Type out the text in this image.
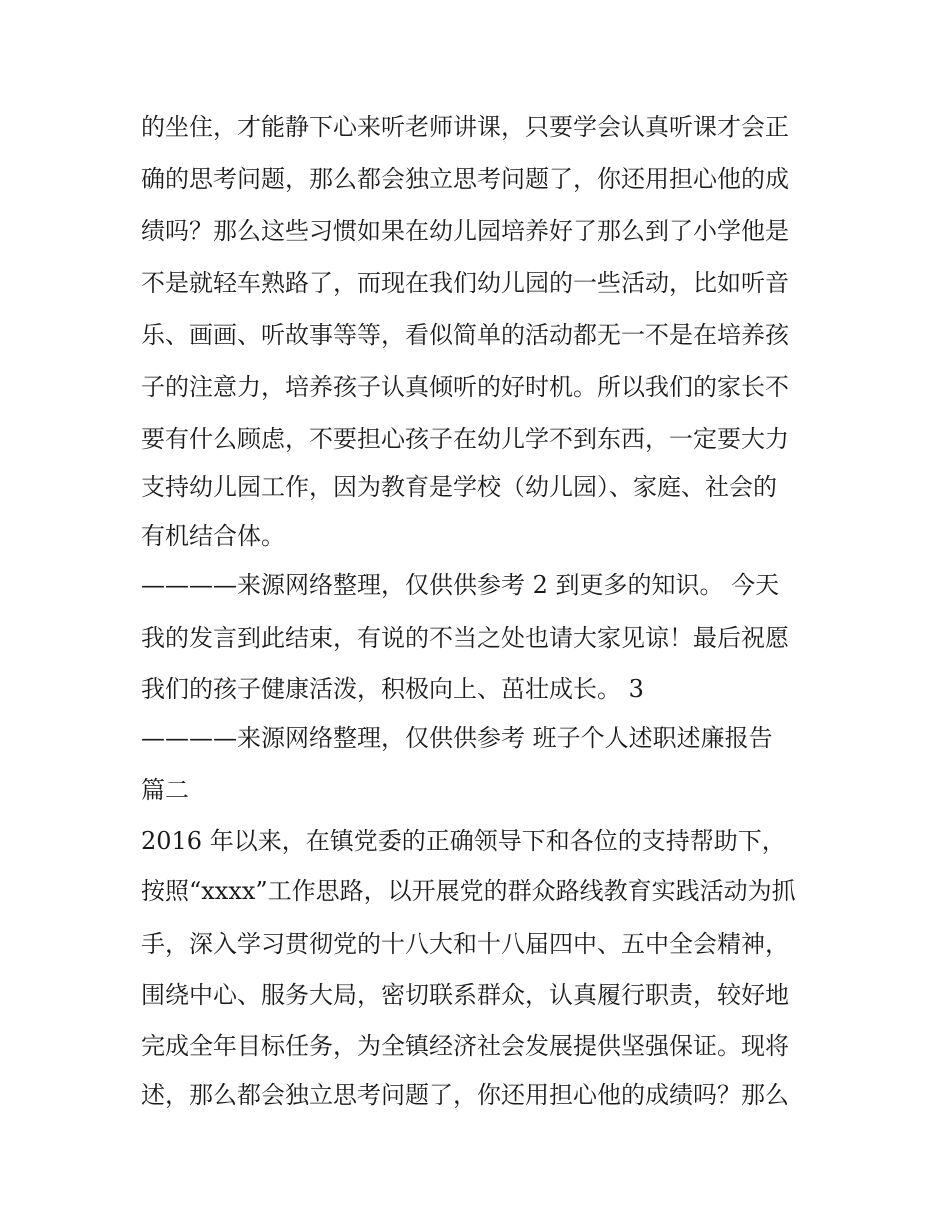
的坐住，才能静下心来听老师讲课，只要学会认真听课才会正
确的思考问题，那么都会独立思考问题了，你还用担心他的成
绩吗？那么这些习惯如果在幼儿园培养好了那么到了小学他是
不是就轻车熟路了，而现在我们幼儿园的一些活动，比如听音
乐、画画、听故事等等，看似简单的活动都无一不是在培养孩
子的注意力，培养孩子认真倾听的好时机。所以我们的家长不
要有什么顾虑，不要担心孩子在幼儿学不到东西，一定要大力
支持幼儿园工作，因为教育是学校（幼儿园）、家庭、社会的
有机结合体。
————来源网络整理，仅供供参考 2 到更多的知识。 今天
我的发言到此结束，有说的不当之处也请大家见谅！最后祝愿
我们的孩子健康活泼，积极向上、茁壮成长。 3
————来源网络整理，仅供供参考 班子个人述职述廉报告
篇二
2016 年以来，在镇党委的正确领导下和各位的支持帮助下，
按照“xxxx”工作思路，以开展党的群众路线教育实践活动为抓
手，深入学习贯彻党的十八大和十八届四中、五中全会精神，
围绕中心、服务大局，密切联系群众，认真履行职责，较好地
完成全年目标任务，为全镇经济社会发展提供坚强保证。现将
述，那么都会独立思考问题了，你还用担心他的成绩吗？那么
